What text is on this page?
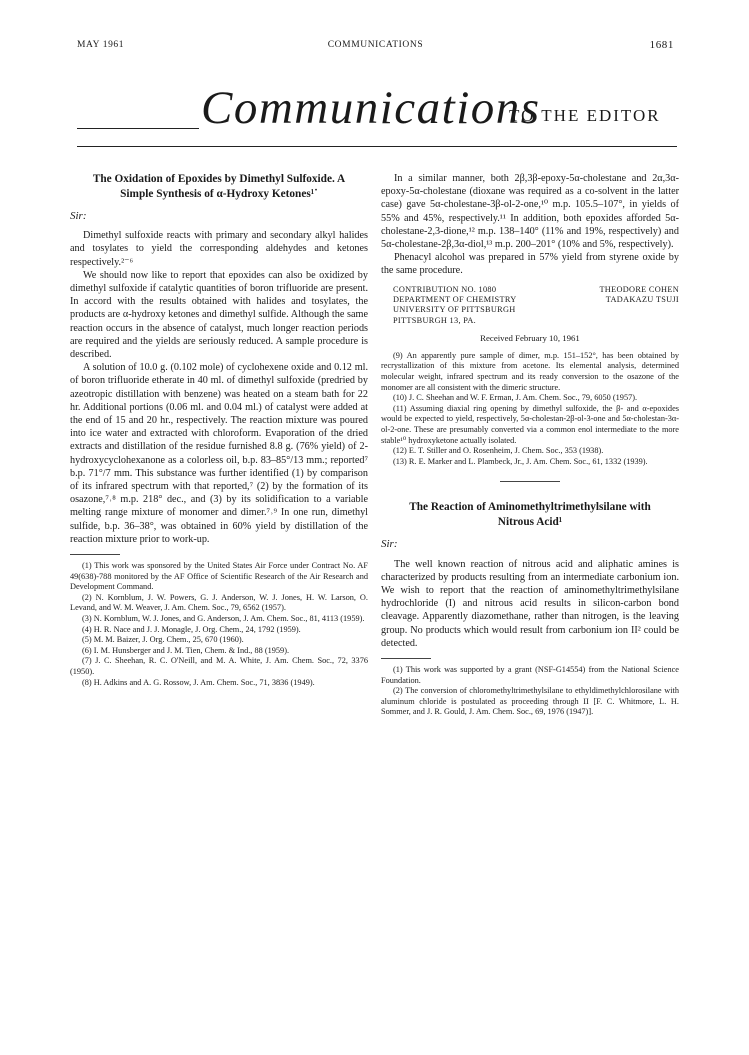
MAY 1961	COMMUNICATIONS	1681
Communications
TO THE EDITOR
The Oxidation of Epoxides by Dimethyl Sulfoxide. A Simple Synthesis of α-Hydroxy Ketones¹˙
Sir:

Dimethyl sulfoxide reacts with primary and secondary alkyl halides and tosylates to yield the corresponding aldehydes and ketones respectively.²⁻⁶

We should now like to report that epoxides can also be oxidized by dimethyl sulfoxide if catalytic quantities of boron trifluoride are present. In accord with the results obtained with halides and tosylates, the products are α-hydroxy ketones and dimethyl sulfide. Although the same reaction occurs in the absence of catalyst, much longer reaction periods are required and the yields are seriously reduced. A sample procedure is described.

A solution of 10.0 g. (0.102 mole) of cyclohexene oxide and 0.12 ml. of boron trifluoride etherate in 40 ml. of dimethyl sulfoxide (predried by azeotropic distillation with benzene) was heated on a steam bath for 22 hr. Additional portions (0.06 ml. and 0.04 ml.) of catalyst were added at the end of 15 and 20 hr., respectively. The reaction mixture was poured into ice water and extracted with chloroform. Evaporation of the dried extracts and distillation of the residue furnished 8.8 g. (76% yield) of 2-hydroxycyclohexanone as a colorless oil, b.p. 83–85°/13 mm.; reported⁷ b.p. 71°/7 mm. This substance was further identified (1) by comparison of its infrared spectrum with that reported,⁷ (2) by the formation of its osazone,⁷˒⁸ m.p. 218° dec., and (3) by its solidification to a variable melting range mixture of monomer and dimer.⁷˒⁹ In one run, dimethyl sulfide, b.p. 36–38°, was obtained in 60% yield by distillation of the reaction mixture prior to work-up.

(1) This work was sponsored by the United States Air Force under Contract No. AF 49(638)-788 monitored by the AF Office of Scientific Research of the Air Research and Development Command.

(2) N. Kornblum, J. W. Powers, G. J. Anderson, W. J. Jones, H. W. Larson, O. Levand, and W. M. Weaver, J. Am. Chem. Soc., 79, 6562 (1957).

(3) N. Kornblum, W. J. Jones, and G. Anderson, J. Am. Chem. Soc., 81, 4113 (1959).

(4) H. R. Nace and J. J. Monagle, J. Org. Chem., 24, 1792 (1959).

(5) M. M. Baizer, J. Org. Chem., 25, 670 (1960).

(6) I. M. Hunsberger and J. M. Tien, Chem. & Ind., 88 (1959).

(7) J. C. Sheehan, R. C. O'Neill, and M. A. White, J. Am. Chem. Soc., 72, 3376 (1950).

(8) H. Adkins and A. G. Rossow, J. Am. Chem. Soc., 71, 3836 (1949).

In a similar manner, both 2β,3β-epoxy-5α-cholestane and 2α,3α-epoxy-5α-cholestane (dioxane was required as a co-solvent in the latter case) gave 5α-cholestane-3β-ol-2-one,¹⁰ m.p. 105.5–107°, in yields of 55% and 45%, respectively.¹¹ In addition, both epoxides afforded 5α-cholestane-2,3-dione,¹² m.p. 138–140° (11% and 19%, respectively) and 5α-cholestane-2β,3α-diol,¹³ m.p. 200–201° (10% and 5%, respectively).

Phenacyl alcohol was prepared in 57% yield from styrene oxide by the same procedure.

CONTRIBUTION NO. 1080
DEPARTMENT OF CHEMISTRY
UNIVERSITY OF PITTSBURGH
PITTSBURGH 13, PA.
THEODORE COHEN
TADAKAZU TSUJI
Received February 10, 1961

(9) An apparently pure sample of dimer, m.p. 151–152°, has been obtained by recrystallization of this mixture from acetone. Its elemental analysis, determined molecular weight, infrared spectrum and its ready conversion to the osazone of the monomer are all consistent with the dimeric structure.

(10) J. C. Sheehan and W. F. Erman, J. Am. Chem. Soc., 79, 6050 (1957).

(11) Assuming diaxial ring opening by dimethyl sulfoxide, the β- and α-epoxides would be expected to yield, respectively, 5α-cholestan-2β-ol-3-one and 5α-cholestan-3α-ol-2-one. These are presumably converted via a common enol intermediate to the more stable¹⁰ hydroxyketone actually isolated.

(12) E. T. Stiller and O. Rosenheim, J. Chem. Soc., 353 (1938).

(13) R. E. Marker and L. Plambeck, Jr., J. Am. Chem. Soc., 61, 1332 (1939).

The Reaction of Aminomethyltrimethylsilane with Nitrous Acid¹
Sir:

The well known reaction of nitrous acid and aliphatic amines is characterized by products resulting from an intermediate carbonium ion. We wish to report that the reaction of aminomethyltrimethylsilane hydrochloride (I) and nitrous acid results in silicon-carbon bond cleavage. Apparently diazomethane, rather than nitrogen, is the leaving group. No products which would result from carbonium ion II² could be detected.

(1) This work was supported by a grant (NSF-G14554) from the National Science Foundation.

(2) The conversion of chloromethyltrimethylsilane to ethyldimethylchlorosilane with aluminum chloride is postulated as proceeding through II [F. C. Whitmore, L. H. Sommer, and J. R. Gould, J. Am. Chem. Soc., 69, 1976 (1947)].
